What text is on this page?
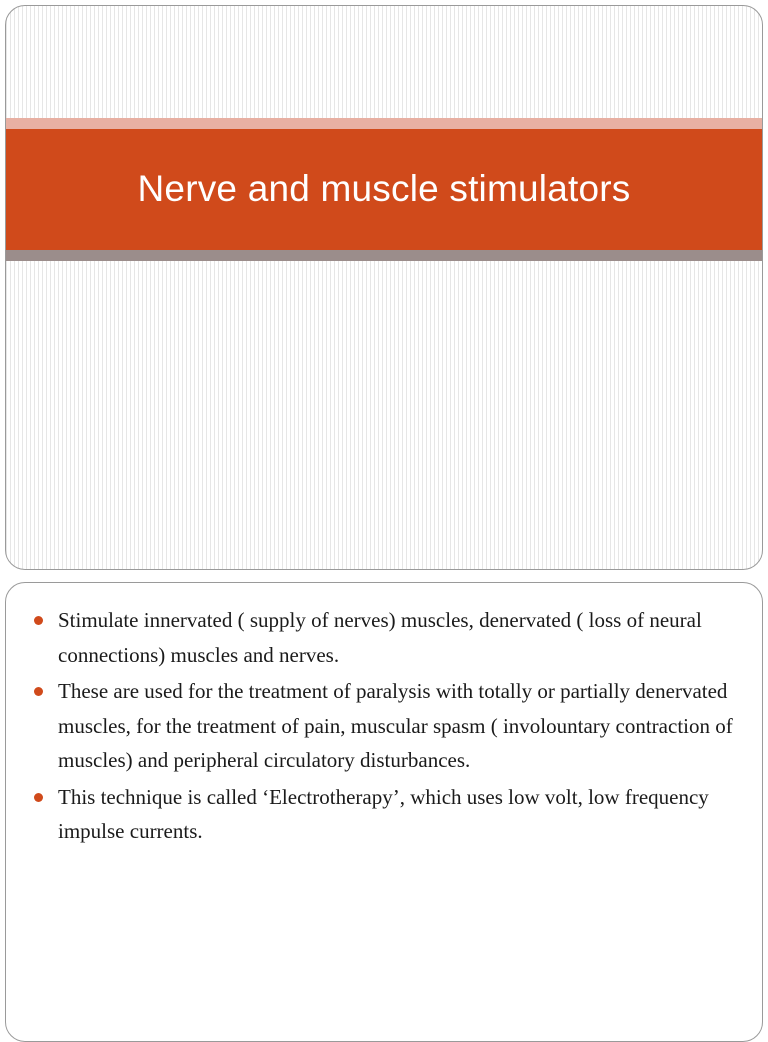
Nerve and muscle stimulators
Stimulate innervated ( supply of nerves) muscles, denervated ( loss of neural connections) muscles and nerves.
These are used for the treatment of paralysis with totally or partially denervated muscles, for the treatment of pain, muscular spasm ( involountary contraction of muscles) and peripheral circulatory disturbances.
This technique is called ‘Electrotherapy’, which uses low volt, low frequency impulse currents.
